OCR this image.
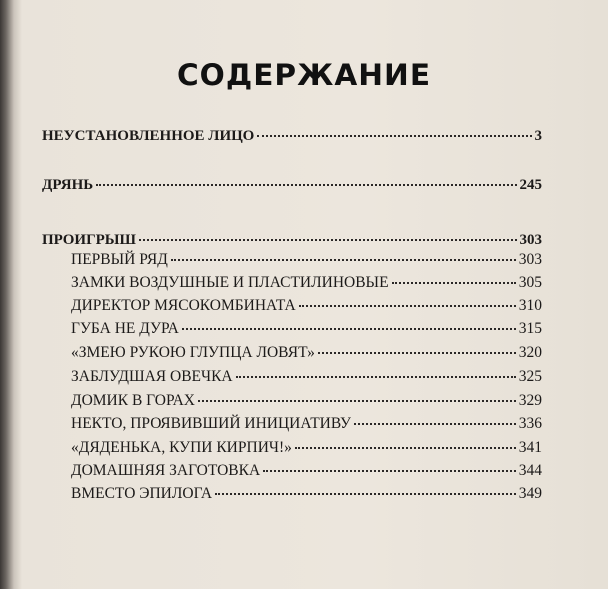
СОДЕРЖАНИЕ
НЕУСТАНОВЛЕННОЕ ЛИЦО	3
ДРЯНЬ	245
ПРОИГРЫШ	303
ПЕРВЫЙ РЯД	303
ЗАМКИ ВОЗДУШНЫЕ И ПЛАСТИЛИНОВЫЕ	305
ДИРЕКТОР МЯСОКОМБИНАТА	310
ГУБА НЕ ДУРА	315
«ЗМЕЮ РУКОЮ ГЛУПЦА ЛОВЯТ»	320
ЗАБЛУДШАЯ ОВЕЧКА	325
ДОМИК В ГОРАХ	329
НЕКТО, ПРОЯВИВШИЙ ИНИЦИАТИВУ	336
«ДЯДЕНЬКА, КУПИ КИРПИЧ!»	341
ДОМАШНЯЯ ЗАГОТОВКА	344
ВМЕСТО ЭПИЛОГА	349
